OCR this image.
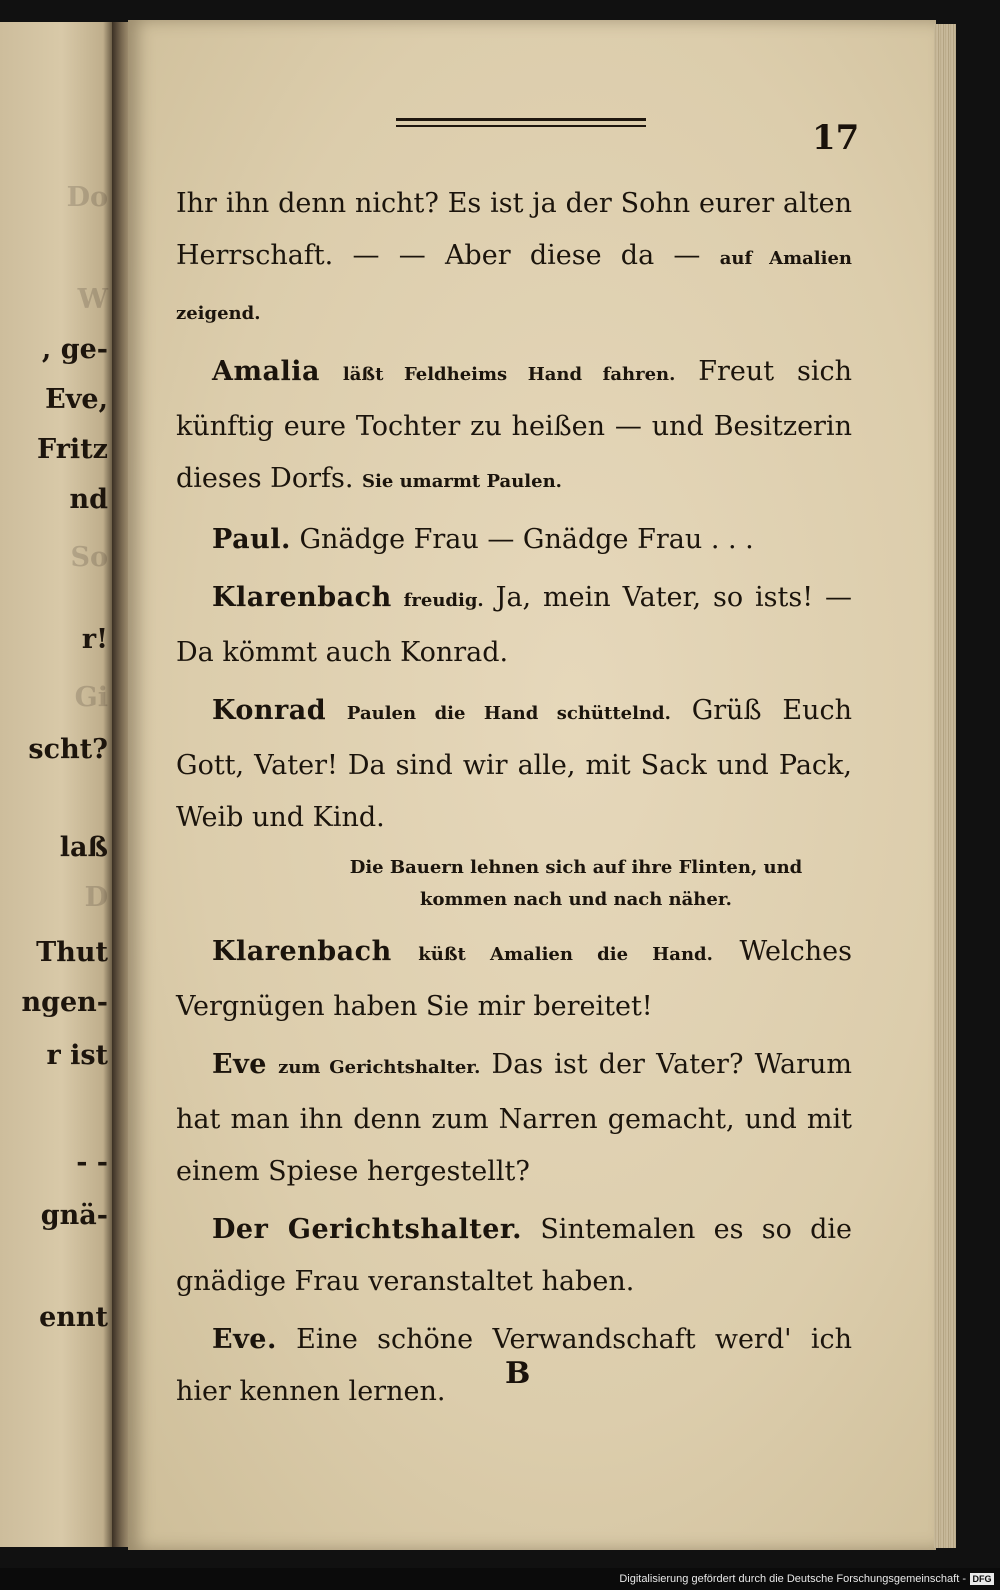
Do
W
, ge-
Eve,
Fritz
nd
So
r!
Gi
scht?
laß
D
Thut
ngen-
r ist
- -
gnä-
ennt
17

Ihr ihn denn nicht? Es ist ja der Sohn eurer alten Herrschaft. — — Aber diese da — auf Amalien zeigend.

Amalia läßt Feldheims Hand fahren. Freut sich künftig eure Tochter zu heißen — und Besitzerin dieses Dorfs. Sie umarmt Paulen.

Paul. Gnädge Frau — Gnädge Frau . . .

Klarenbach freudig. Ja, mein Vater, so ists! — Da kömmt auch Konrad.

Konrad Paulen die Hand schüttelnd. Grüß Euch Gott, Vater! Da sind wir alle, mit Sack und Pack, Weib und Kind.

Die Bauern lehnen sich auf ihre Flinten, und kommen nach und nach näher.

Klarenbach küßt Amalien die Hand. Welches Vergnügen haben Sie mir bereitet!

Eve zum Gerichtshalter. Das ist der Vater? Warum hat man ihn denn zum Narren gemacht, und mit einem Spiese hergestellt?

Der Gerichtshalter. Sintemalen es so die gnädige Frau veranstaltet haben.

Eve. Eine schöne Verwandschaft werd' ich hier kennen lernen.

B
Digitalisierung gefördert durch die Deutsche Forschungsgemeinschaft - DFG
